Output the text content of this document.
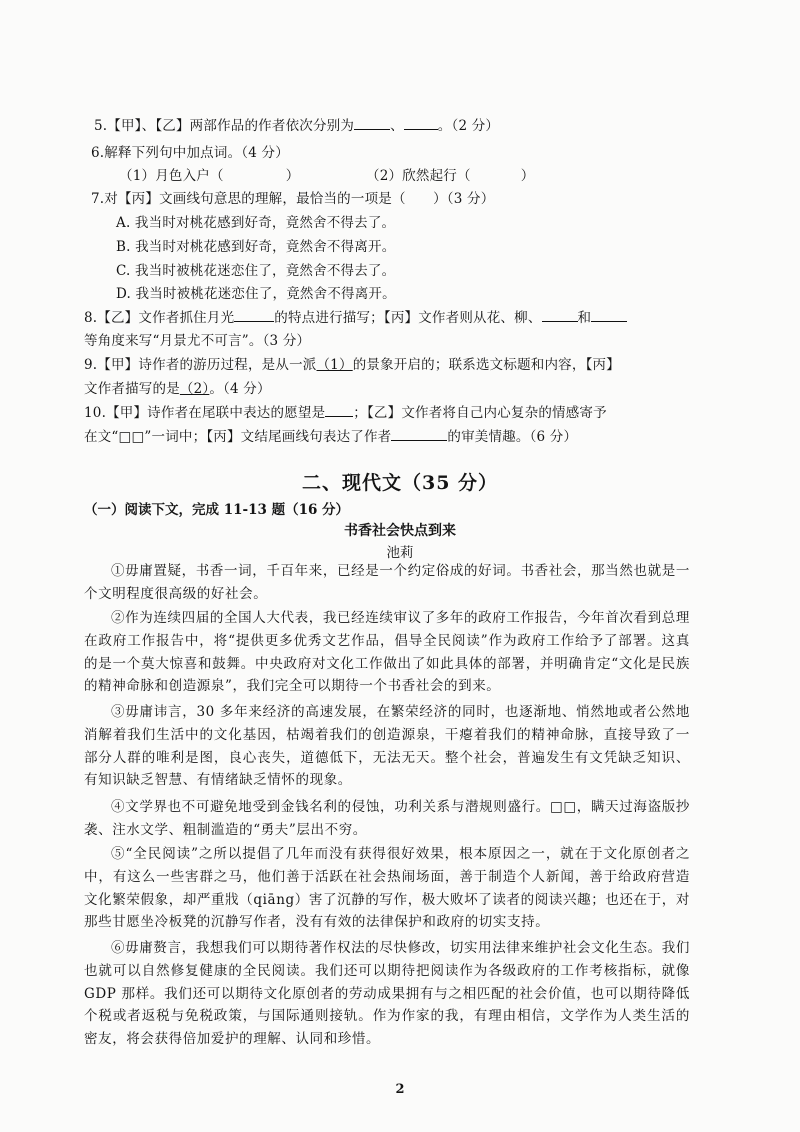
5.【甲】、【乙】两部作品的作者依次分别为	、	。（2 分）
6.解释下列句中加点词。（4 分）
（1）月色入户（	）	（2）欣然起行（	）
7.对【丙】文画线句意思的理解，最恰当的一项是（　　）（3 分）
A. 我当时对桃花感到好奇，竟然舍不得去了。
B. 我当时对桃花感到好奇，竟然舍不得离开。
C. 我当时被桃花迷恋住了，竟然舍不得去了。
D. 我当时被桃花迷恋住了，竟然舍不得离开。
8.【乙】文作者抓住月光	的特点进行描写；【丙】文作者则从花、柳、	和
等角度来写“月景尤不可言”。（3 分）
9.【甲】诗作者的游历过程，是从一派（1）的景象开启的；联系选文标题和内容，【丙】
文作者描写的是（2）。（4 分）
10.【甲】诗作者在尾联中表达的愿望是 ；【乙】文作者将自己内心复杂的情感寄予
在文“□□”一词中；【丙】文结尾画线句表达了作者	的审美情趣。（6 分）
二、现代文（35 分）
（一）阅读下文，完成 11-13 题（16 分）
书香社会快点到来
池莉
①毋庸置疑，书香一词，千百年来，已经是一个约定俗成的好词。书香社会，那当然也就是一个文明程度很高级的好社会。
②作为连续四届的全国人大代表，我已经连续审议了多年的政府工作报告，今年首次看到总理在政府工作报告中，将“提供更多优秀文艺作品，倡导全民阅读”作为政府工作给予了部署。这真的是一个莫大惊喜和鼓舞。中央政府对文化工作做出了如此具体的部署，并明确肯定“文化是民族的精神命脉和创造源泉”，我们完全可以期待一个书香社会的到来。
③毋庸讳言，30 多年来经济的高速发展，在繁荣经济的同时，也逐渐地、悄然地或者公然地消解着我们生活中的文化基因，枯竭着我们的创造源泉，干瘪着我们的精神命脉，直接导致了一部分人群的唯利是图，良心丧失，道德低下，无法无天。整个社会，普遍发生有文凭缺乏知识、有知识缺乏智慧、有情绪缺乏情怀的现象。
④文学界也不可避免地受到金钱名利的侵蚀，功利关系与潜规则盛行。□□，瞒天过海盗版抄袭、注水文学、粗制滥造的“勇夫”层出不穷。
⑤“全民阅读”之所以提倡了几年而没有获得很好效果，根本原因之一，就在于文化原创者之中，有这么一些害群之马，他们善于活跃在社会热闹场面，善于制造个人新闻，善于给政府营造文化繁荣假象，却严重戕（qiāng）害了沉静的写作，极大败坏了读者的阅读兴趣；也还在于，对那些甘愿坐冷板凳的沉静写作者，没有有效的法律保护和政府的切实支持。
⑥毋庸赘言，我想我们可以期待著作权法的尽快修改，切实用法律来维护社会文化生态。我们也就可以自然修复健康的全民阅读。我们还可以期待把阅读作为各级政府的工作考核指标，就像 GDP 那样。我们还可以期待文化原创者的劳动成果拥有与之相匹配的社会价值，也可以期待降低个税或者返税与免税政策，与国际通则接轨。作为作家的我，有理由相信，文学作为人类生活的密友，将会获得倍加爱护的理解、认同和珍惜。
2
